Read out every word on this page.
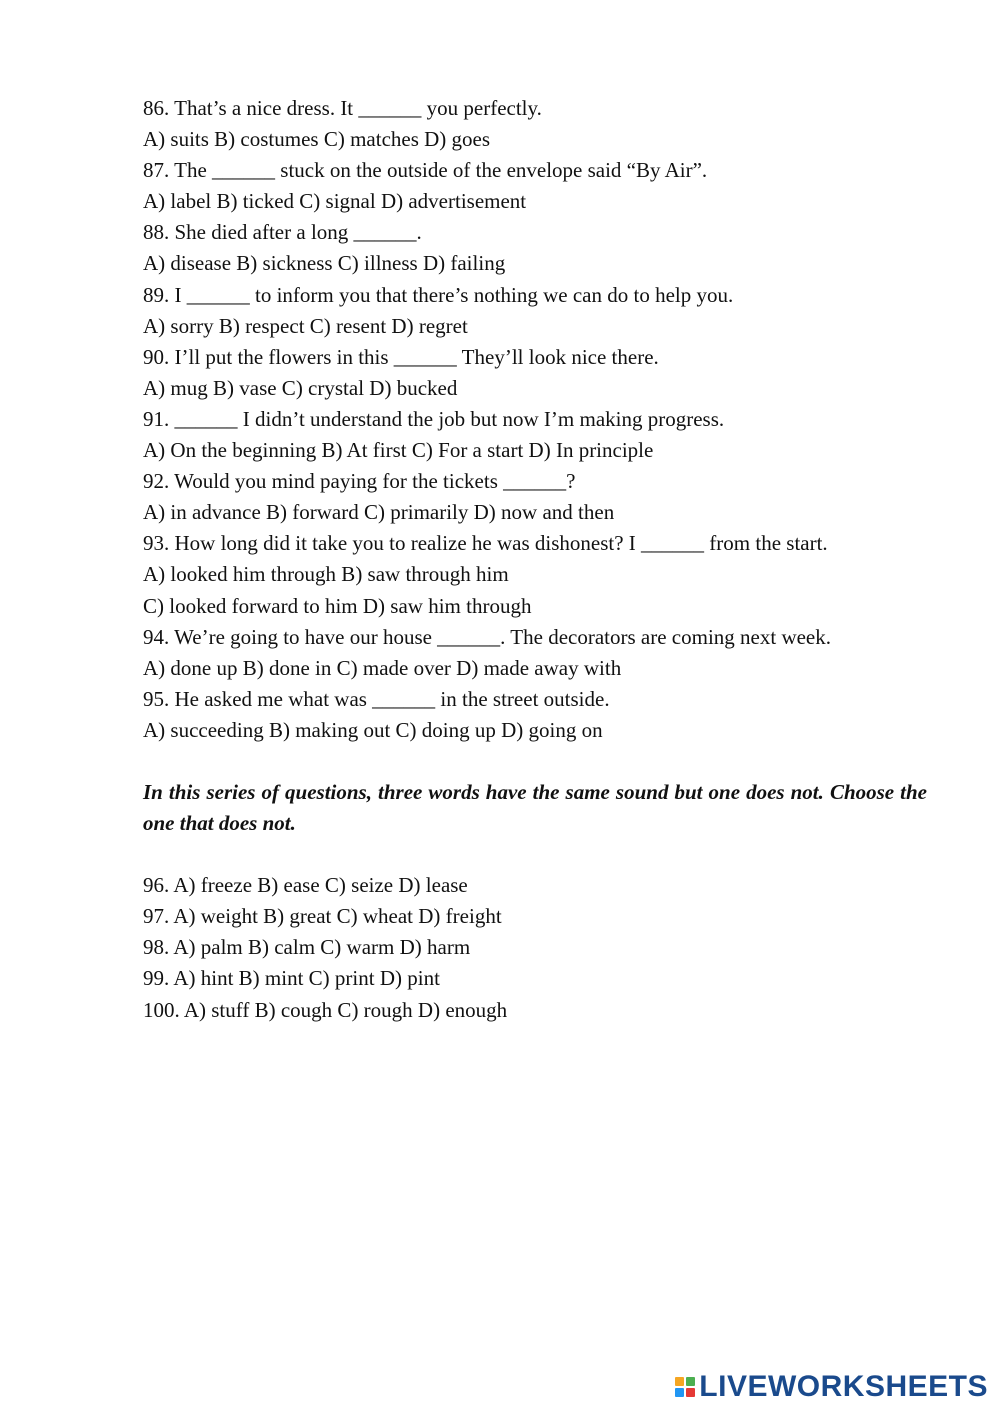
86. That’s a nice dress. It ______ you perfectly.
A) suits B) costumes C) matches D) goes
87. The ______ stuck on the outside of the envelope said “By Air”.
A) label B) ticked C) signal D) advertisement
88. She died after a long ______.
A) disease B) sickness C) illness D) failing
89. I ______ to inform you that there’s nothing we can do to help you.
A) sorry B) respect C) resent D) regret
90. I’ll put the flowers in this ______ They’ll look nice there.
A) mug B) vase C) crystal D) bucked
91. ______ I didn’t understand the job but now I’m making progress.
A) On the beginning B) At first C) For a start D) In principle
92. Would you mind paying for the tickets ______?
A) in advance B) forward C) primarily D) now and then
93. How long did it take you to realize he was dishonest? I ______ from the start.
A) looked him through B) saw through him
C) looked forward to him D) saw him through
94. We’re going to have our house ______. The decorators are coming next week.
A) done up B) done in C) made over D) made away with
95. He asked me what was ______ in the street outside.
A) succeeding B) making out C) doing up D) going on
In this series of questions, three words have the same sound but one does not. Choose the one that does not.
96. A) freeze B) ease C) seize D) lease
97. A) weight B) great C) wheat D) freight
98. A) palm B) calm C) warm D) harm
99. A) hint B) mint C) print D) pint
100. A) stuff B) cough C) rough D) enough
LIVEWORKSHEETS
